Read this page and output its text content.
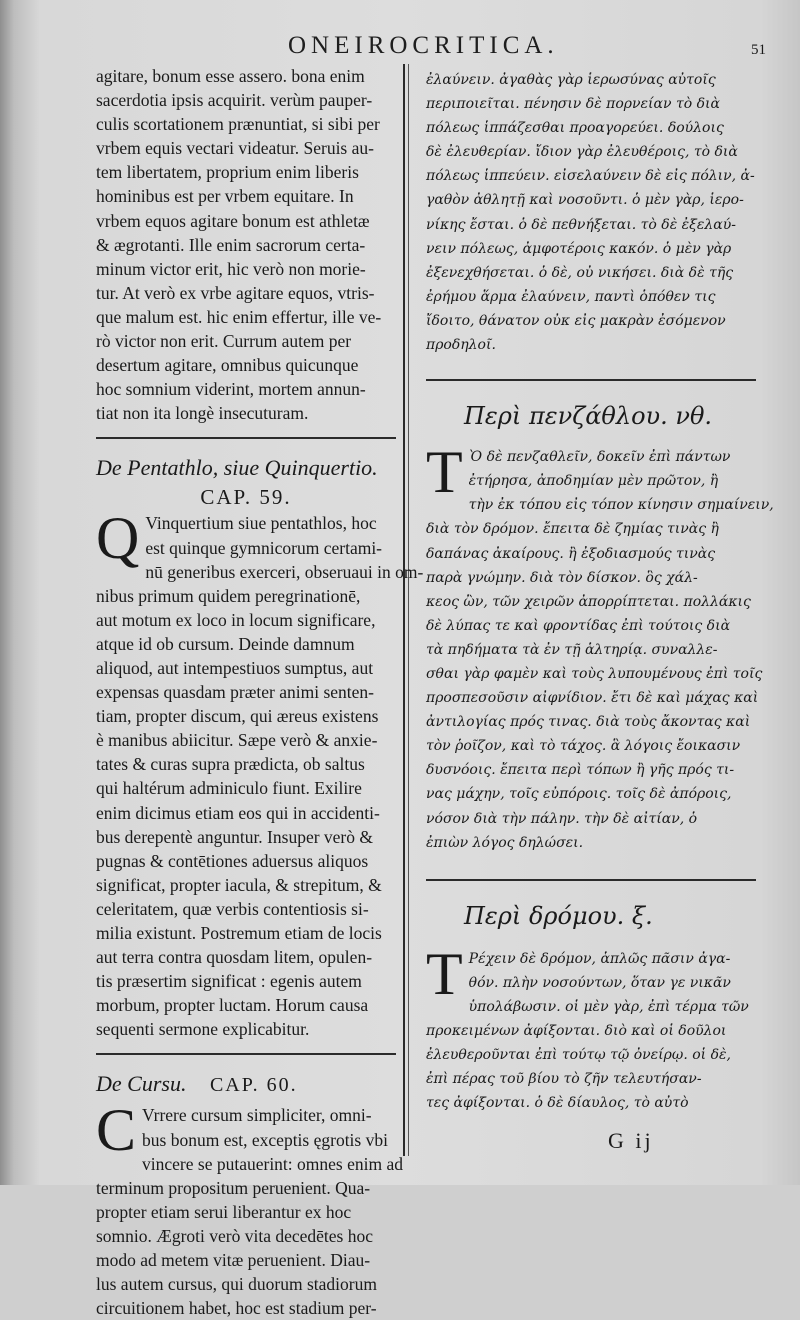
ONEIROCRITICA.	51
agitare, bonum esse assero. bona enim
sacerdotia ipsis acquirit. verùm pauper-
culis scortationem prænuntiat, si sibi per
vrbem equis vectari videatur. Seruis au-
tem libertatem, proprium enim liberis
hominibus est per vrbem equitare. In
vrbem equos agitare bonum est athletæ
& ægrotanti. Ille enim sacrorum certa-
minum victor erit, hic verò non morie-
tur. At verò ex vrbe agitare equos, vtris-
que malum est. hic enim effertur, ille ve-
rò victor non erit. Currum autem per
desertum agitare, omnibus quicunque
hoc somnium viderint, mortem annun-
tiat non ita longè insecuturam.
De Pentathlo, siue Quinquertio.
CAP. 59.
Q Vinquertium siue pentathlos, hoc
est quinque gymnicorum certami-
nū generibus exerceri, obseruaui in om-
nibus primum quidem peregrinationē,
aut motum ex loco in locum significare,
atque id ob cursum. Deinde damnum
aliquod, aut intempestiuos sumptus, aut
expensas quasdam præter animi senten-
tiam, propter discum, qui æreus existens
è manibus abiicitur. Sæpe verò & anxie-
tates & curas supra prædicta, ob saltus
qui haltérum adminiculo fiunt. Exilire
enim dicimus etiam eos qui in accidenti-
bus derepentè anguntur. Insuper verò &
pugnas & contētiones aduersus aliquos
significat, propter iacula, & strepitum, &
celeritatem, quæ verbis contentiosis si-
milia existunt. Postremum etiam de locis
aut terra contra quosdam litem, opulen-
tis præsertim significat : egenis autem
morbum, propter luctam. Horum causa
sequenti sermone explicabitur.
De Cursu. CAP. 60.
C Vrrere cursum simpliciter, omni-
bus bonum est, exceptis ęgrotis vbi
vincere se putauerint: omnes enim ad
terminum propositum peruenient. Qua-
propter etiam serui liberantur ex hoc
somnio. Ægroti verò vita decedētes hoc
modo ad metem vitæ peruenient. Diau-
lus autem cursus, qui duorum stadiorum
circuitionem habet, hoc est stadium per-
ἐλαύνειν. ἀγαθὰς γὰρ ἱερωσύνας αὐτοῖς
περιποιεῖται. πένησιν δὲ πορνείαν τὸ διὰ
πόλεως ἱππάζεσθαι προαγορεύει. δούλοις
δὲ ἐλευθερίαν. ἴδιον γὰρ ἐλευθέροις, τὸ διὰ
πόλεως ἱππεύειν. εἰσελαύνειν δὲ εἰς πόλιν, ἀ-
γαθὸν ἀθλητῇ καὶ νοσοῦντι. ὁ μὲν γὰρ, ἱερο-
νίκης ἔσται. ὁ δὲ πεθνήξεται. τὸ δὲ ἐξελαύ-
νειν πόλεως, ἀμφοτέροις κακόν. ὁ μὲν γὰρ
ἐξενεχθήσεται. ὁ δὲ, οὐ νικήσει. διὰ δὲ τῆς
ἐρήμου ἅρμα ἐλαύνειν, παντὶ ὁπόθεν τις
ἴδοιτο, θάνατον οὐκ εἰς μακρὰν ἐσόμενον
προδηλοῖ.
Περὶ πενζάθλου. νθ.
Τ Ὸ δὲ πενζαθλεῖν, δοκεῖν ἐπὶ πάντων
ἐτήρησα, ἀποδημίαν μὲν πρῶτον, ἢ
τὴν ἐκ τόπου εἰς τόπον κίνησιν σημαίνειν,
διὰ τὸν δρόμον. ἔπειτα δὲ ζημίας τινὰς ἢ
δαπάνας ἀκαίρους. ἢ ἐξοδιασμούς τινὰς
παρὰ γνώμην. διὰ τὸν δίσκον. ὃς χάλ-
κεος ὢν, τῶν χειρῶν ἀπορρίπτεται. πολλάκις
δὲ λύπας τε καὶ φροντίδας ἐπὶ τούτοις διὰ
τὰ πηδήματα τὰ ἐν τῇ ἁλτηρίᾳ. συναλλε-
σθαι γὰρ φαμὲν καὶ τοὺς λυπουμένους ἐπὶ τοῖς
προσπεσοῦσιν αἰφνίδιον. ἔτι δὲ καὶ μάχας καὶ
ἀντιλογίας πρός τινας. διὰ τοὺς ἄκοντας καὶ
τὸν ῥοῖζον, καὶ τὸ τάχος. ἃ λόγοις ἔοικασιν
δυσνόοις. ἔπειτα περὶ τόπων ἢ γῆς πρός τι-
νας μάχην, τοῖς εὐπόροις. τοῖς δὲ ἀπόροις,
νόσον διὰ τὴν πάλην. τὴν δὲ αἰτίαν, ὁ
ἐπιὼν λόγος δηλώσει.
Περὶ δρόμου. ξ.
Τ Ρέχειν δὲ δρόμον, ἁπλῶς πᾶσιν ἀγα-
θόν. πλὴν νοσούντων, ὅταν γε νικᾶν
ὑπολάβωσιν. οἱ μὲν γὰρ, ἐπὶ τέρμα τῶν
προκειμένων ἀφίξονται. διὸ καὶ οἱ δοῦλοι
ἐλευθεροῦνται ἐπὶ τούτῳ τῷ ὀνείρῳ. οἱ δὲ,
ἐπὶ πέρας τοῦ βίου τὸ ζῆν τελευτήσαν-
τες ἀφίξονται. ὁ δὲ δίαυλος, τὸ αὐτὸ
G ij
